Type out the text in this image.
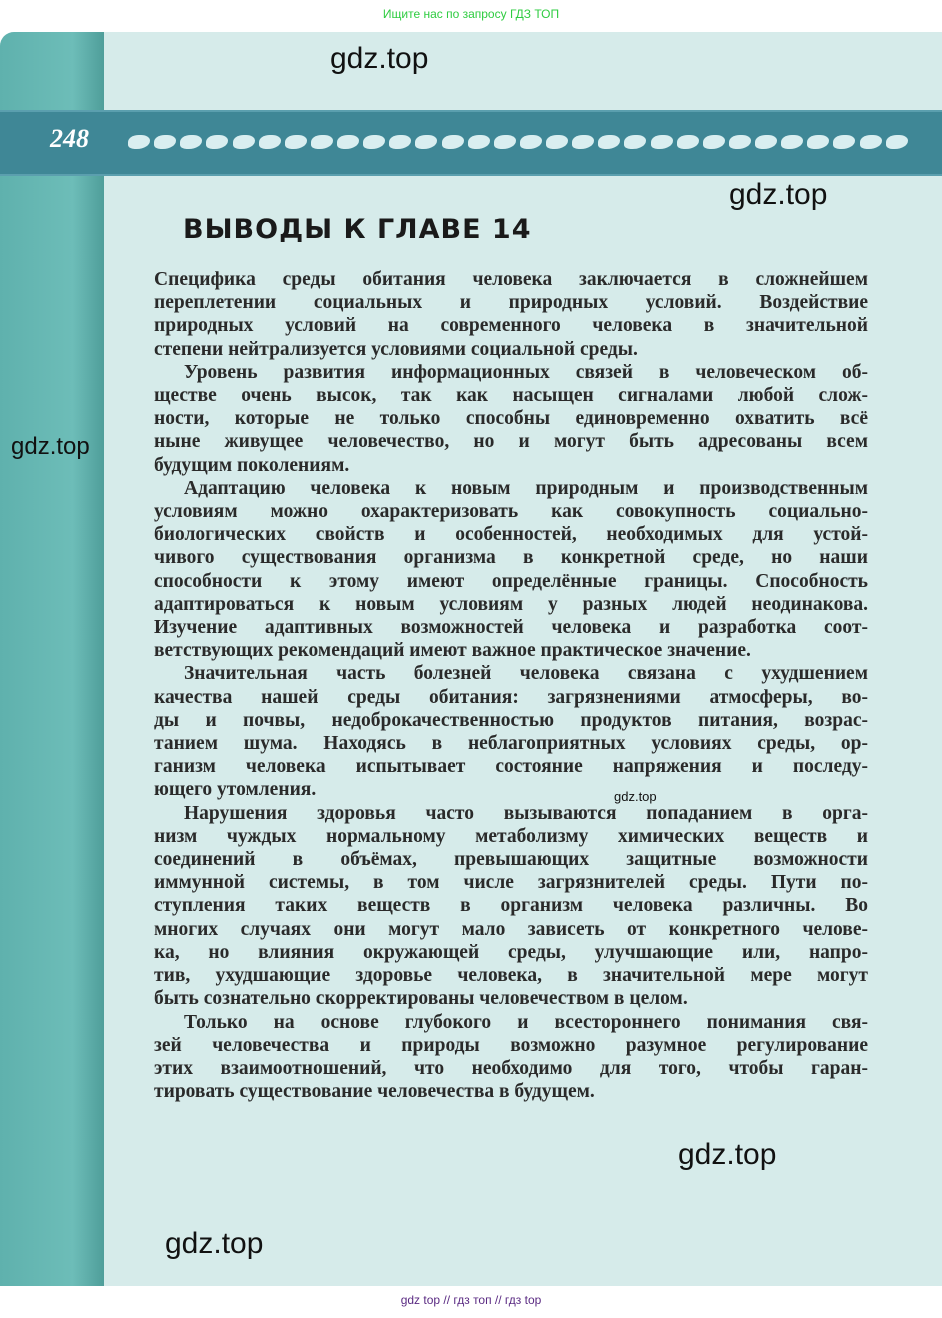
Ищите нас по запросу ГДЗ ТОП
248
gdz.top
gdz.top
gdz.top
ВЫВОДЫ К ГЛАВЕ 14
Специфика среды обитания человека заключается в сложнейшем
переплетении социальных и природных условий. Воздействие
природных условий на современного человека в значительной
степени нейтрализуется условиями социальной среды.
Уровень развития информационных связей в человеческом об-
ществе очень высок, так как насыщен сигналами любой слож-
ности, которые не только способны единовременно охватить всё
ныне живущее человечество, но и могут быть адресованы всем
будущим поколениям.
Адаптацию человека к новым природным и производственным
условиям можно охарактеризовать как совокупность социально-
биологических свойств и особенностей, необходимых для устой-
чивого существования организма в конкретной среде, но наши
способности к этому имеют определённые границы. Способность
адаптироваться к новым условиям у разных людей неодинакова.
Изучение адаптивных возможностей человека и разработка соот-
ветствующих рекомендаций имеют важное практическое значение.
Значительная часть болезней человека связана с ухудшением
качества нашей среды обитания: загрязнениями атмосферы, во-
ды и почвы, недоброкачественностью продуктов питания, возрас-
танием шума. Находясь в неблагоприятных условиях среды, ор-
ганизм человека испытывает состояние напряжения и последу-
ющего утомления.
Нарушения здоровья часто вызываются попаданием в орга-
низм чуждых нормальному метаболизму химических веществ и
соединений в объёмах, превышающих защитные возможности
иммунной системы, в том числе загрязнителей среды. Пути по-
ступления таких веществ в организм человека различны. Во
многих случаях они могут мало зависеть от конкретного челове-
ка, но влияния окружающей среды, улучшающие или, напро-
тив, ухудшающие здоровье человека, в значительной мере могут
быть сознательно скорректированы человечеством в целом.
Только на основе глубокого и всестороннего понимания свя-
зей человечества и природы возможно разумное регулирование
этих взаимоотношений, что необходимо для того, чтобы гаран-
тировать существование человечества в будущем.
gdz.top
gdz.top
gdz.top
gdz top // гдз топ // гдз top
